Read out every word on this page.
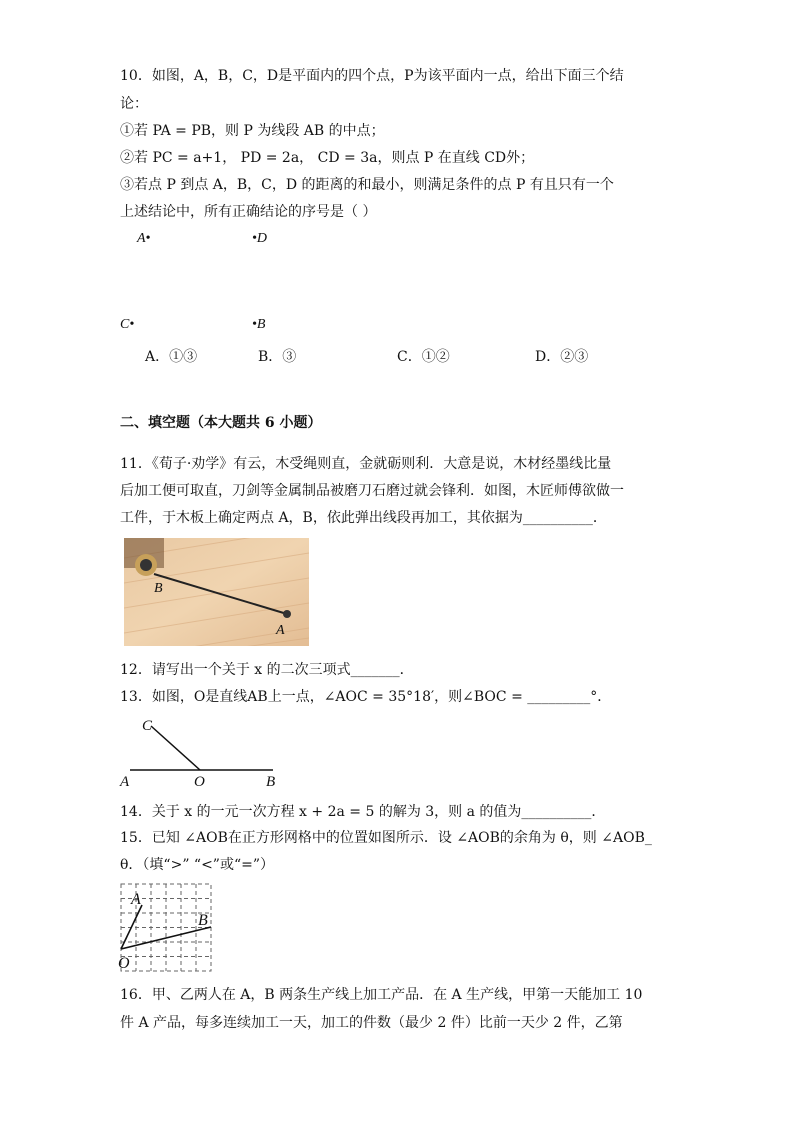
10．如图，A，B，C，D是平面内的四个点，P为该平面内一点，给出下面三个结
论：
①若 PA = PB，则 P 为线段 AB 的中点；
②若 PC = a+1， PD = 2a， CD = 3a，则点 P 在直线 CD外；
③若点 P 到点 A，B，C，D 的距离的和最小，则满足条件的点 P 有且只有一个
上述结论中，所有正确结论的序号是（ ）
A•	•D
C•	•B
A．①③	B．③	C．①②	D．②③
二、填空题（本大题共 6 小题）
11．《荀子·劝学》有云，木受绳则直，金就砺则利．大意是说，木材经墨线比量
后加工便可取直，刀剑等金属制品被磨刀石磨过就会锋利．如图，木匠师傅欲做一
工件，于木板上确定两点 A，B，依此弹出线段再加工，其依据为__________．
B
A
12．请写出一个关于 x 的二次三项式_______．
13．如图，O是直线AB上一点，∠AOC = 35°18′，则∠BOC = _________°．
C
A	O	B
14．关于 x 的一元一次方程 x + 2a = 5 的解为 3，则 a 的值为__________．
15．已知 ∠AOB在正方形网格中的位置如图所示．设 ∠AOB的余角为 θ，则 ∠AOB_
θ．（填“>” “<”或“=”）
A
B
O
16．甲、乙两人在 A，B 两条生产线上加工产品．在 A 生产线，甲第一天能加工 10
件 A 产品，每多连续加工一天，加工的件数（最少 2 件）比前一天少 2 件，乙第
